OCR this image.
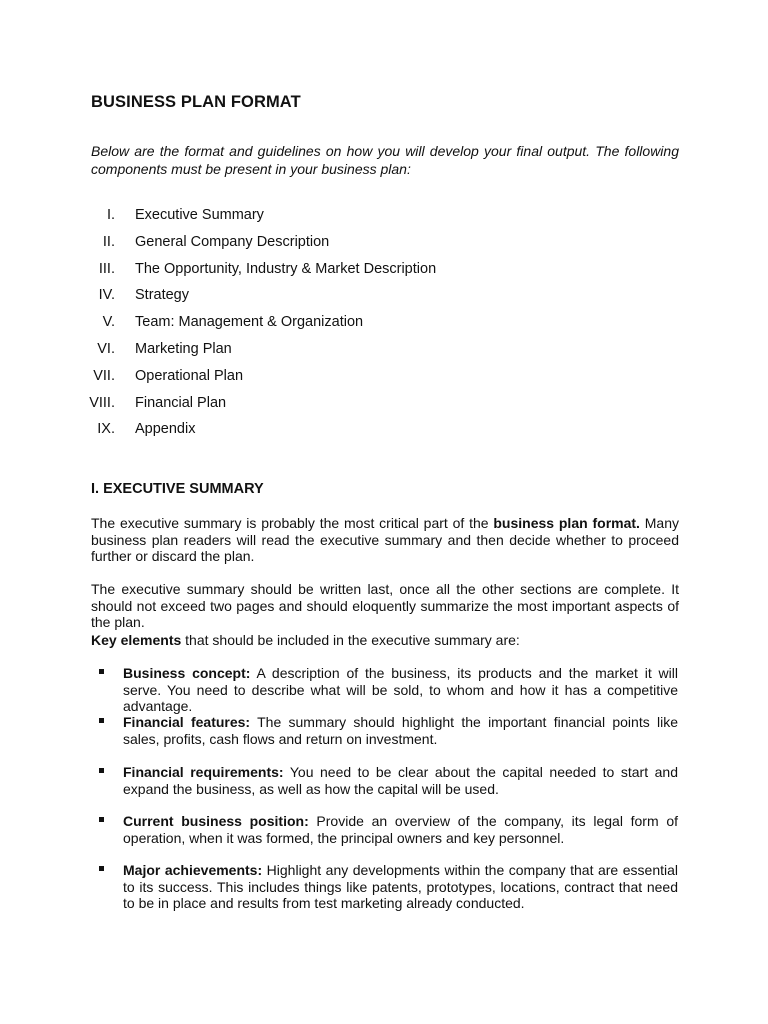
BUSINESS PLAN FORMAT

Below are the format and guidelines on how you will develop your final output. The following components must be present in your business plan:

I. Executive Summary
II. General Company Description
III. The Opportunity, Industry & Market Description
IV. Strategy
V. Team: Management & Organization
VI. Marketing Plan
VII. Operational Plan
VIII. Financial Plan
IX. Appendix
I. EXECUTIVE SUMMARY

The executive summary is probably the most critical part of the business plan format. Many business plan readers will read the executive summary and then decide whether to proceed further or discard the plan.

The executive summary should be written last, once all the other sections are complete. It should not exceed two pages and should eloquently summarize the most important aspects of the plan.

Key elements that should be included in the executive summary are:

Business concept: A description of the business, its products and the market it will serve. You need to describe what will be sold, to whom and how it has a competitive advantage.

Financial features: The summary should highlight the important financial points like sales, profits, cash flows and return on investment.

Financial requirements: You need to be clear about the capital needed to start and expand the business, as well as how the capital will be used.

Current business position: Provide an overview of the company, its legal form of operation, when it was formed, the principal owners and key personnel.

Major achievements: Highlight any developments within the company that are essential to its success. This includes things like patents, prototypes, locations, contract that need to be in place and results from test marketing already conducted.
